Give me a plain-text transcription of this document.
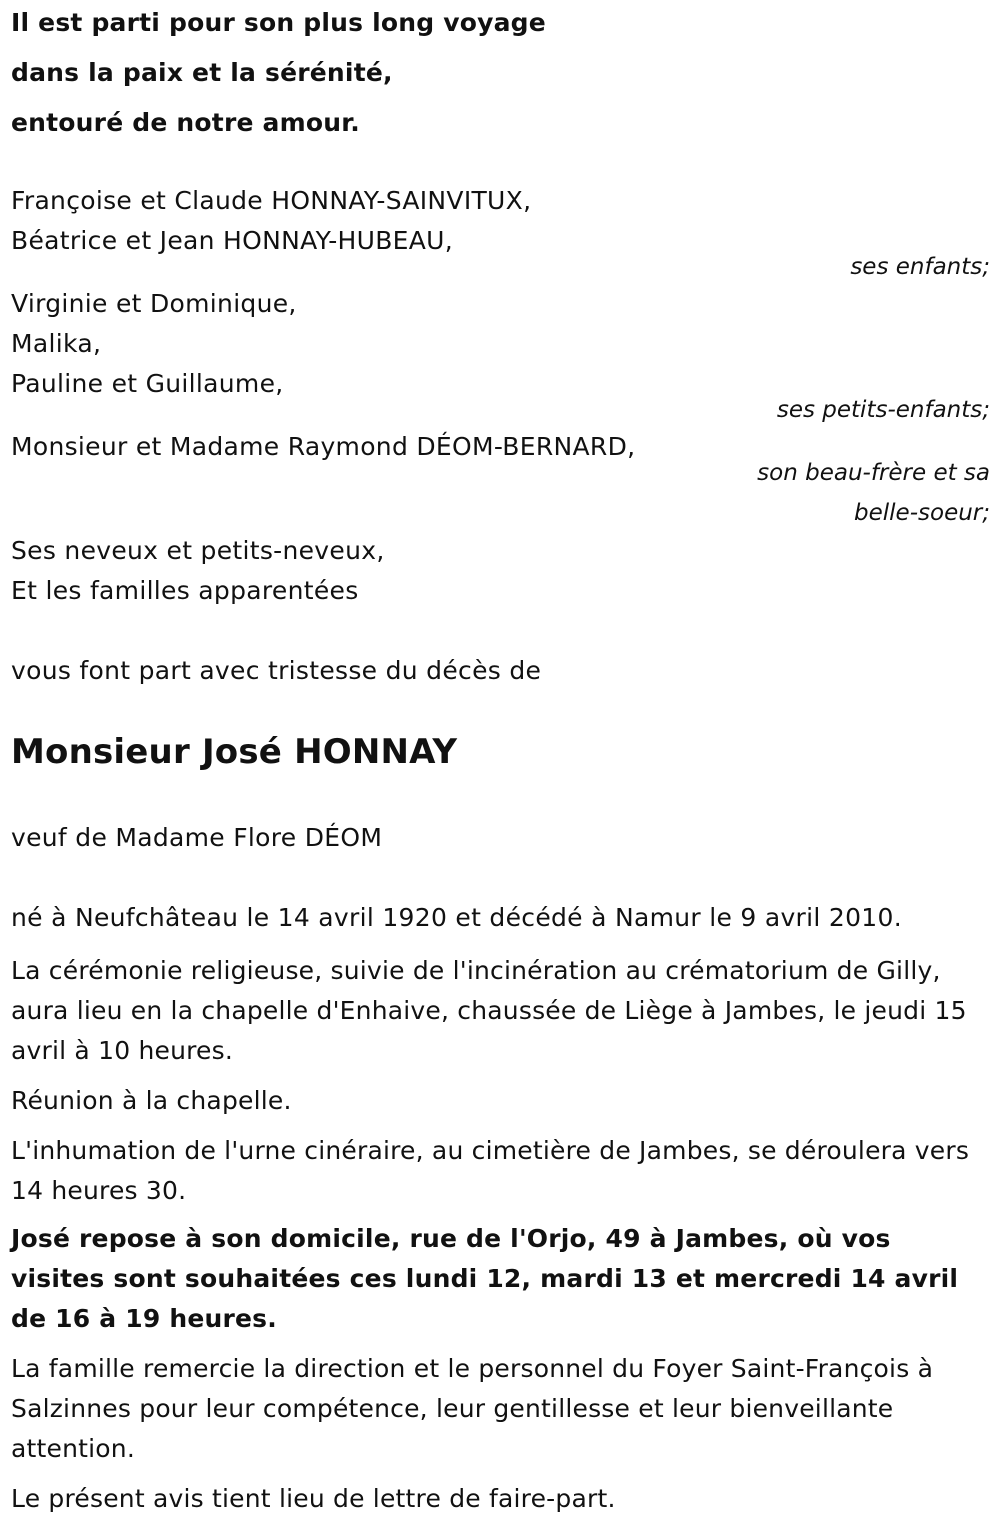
Il est parti pour son plus long voyage
dans la paix et la sérénité,
entouré de notre amour.
Françoise et Claude HONNAY-SAINVITUX,
Béatrice et Jean HONNAY-HUBEAU,
ses enfants;
Virginie et Dominique,
Malika,
Pauline et Guillaume,
ses petits-enfants;
Monsieur et Madame Raymond DÉOM-BERNARD,
son beau-frère et sa
belle-soeur;
Ses neveux et petits-neveux,
Et les familles apparentées
vous font part avec tristesse du décès de
Monsieur José HONNAY
veuf de Madame Flore DÉOM
né à Neufchâteau le 14 avril 1920 et décédé à Namur le 9 avril 2010.
La cérémonie religieuse, suivie de l'incinération au crématorium de Gilly, aura lieu en la chapelle d'Enhaive, chaussée de Liège à Jambes, le jeudi 15 avril à 10 heures.
Réunion à la chapelle.
L'inhumation de l'urne cinéraire, au cimetière de Jambes, se déroulera vers 14 heures 30.
José repose à son domicile, rue de l'Orjo, 49 à Jambes, où vos visites sont souhaitées ces lundi 12, mardi 13 et mercredi 14 avril de 16 à 19 heures.
La famille remercie la direction et le personnel du Foyer Saint-François à Salzinnes pour leur compétence, leur gentillesse et leur bienveillante attention.
Le présent avis tient lieu de lettre de faire-part.
